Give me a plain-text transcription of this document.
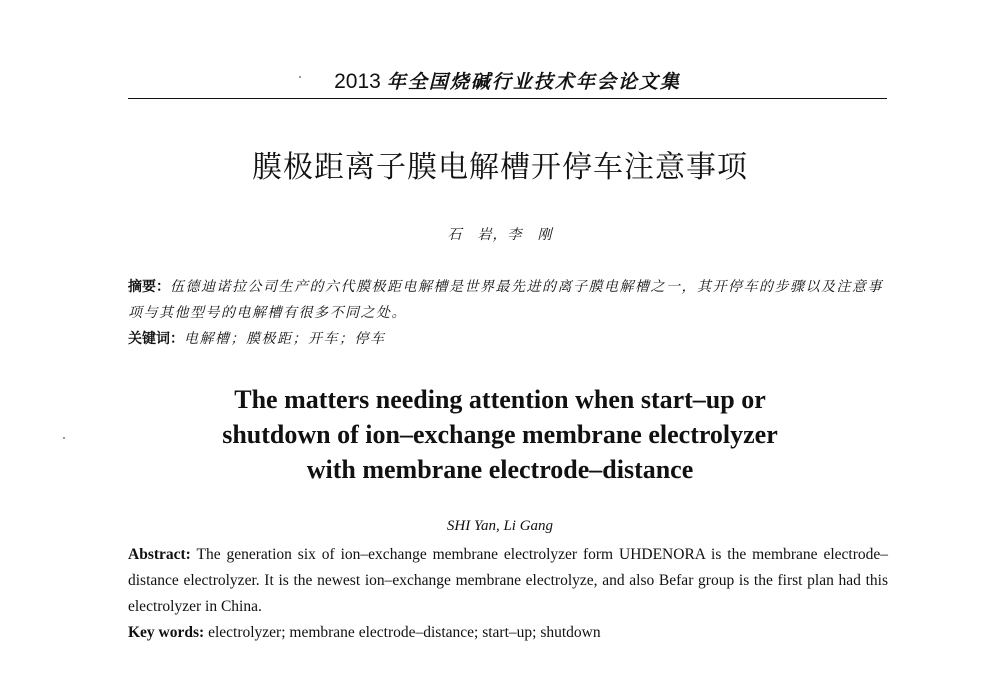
2013 年全国烧碱行业技术年会论文集
膜极距离子膜电解槽开停车注意事项
石　岩，李　刚
摘要：伍德迪诺拉公司生产的六代膜极距电解槽是世界最先进的离子膜电解槽之一，其开停车的步骤以及注意事项与其他型号的电解槽有很多不同之处。
关键词：电解槽；膜极距；开车；停车
The matters needing attention when start–up or
shutdown of ion–exchange membrane electrolyzer
with membrane electrode–distance
SHI Yan, Li Gang
Abstract: The generation six of ion–exchange membrane electrolyzer form UHDENORA is the membrane electrode– distance electrolyzer. It is the newest ion–exchange membrane electrolyze, and also Befar group is the first plan had this electrolyzer in China.
Key words: electrolyzer; membrane electrode–distance; start–up; shutdown
